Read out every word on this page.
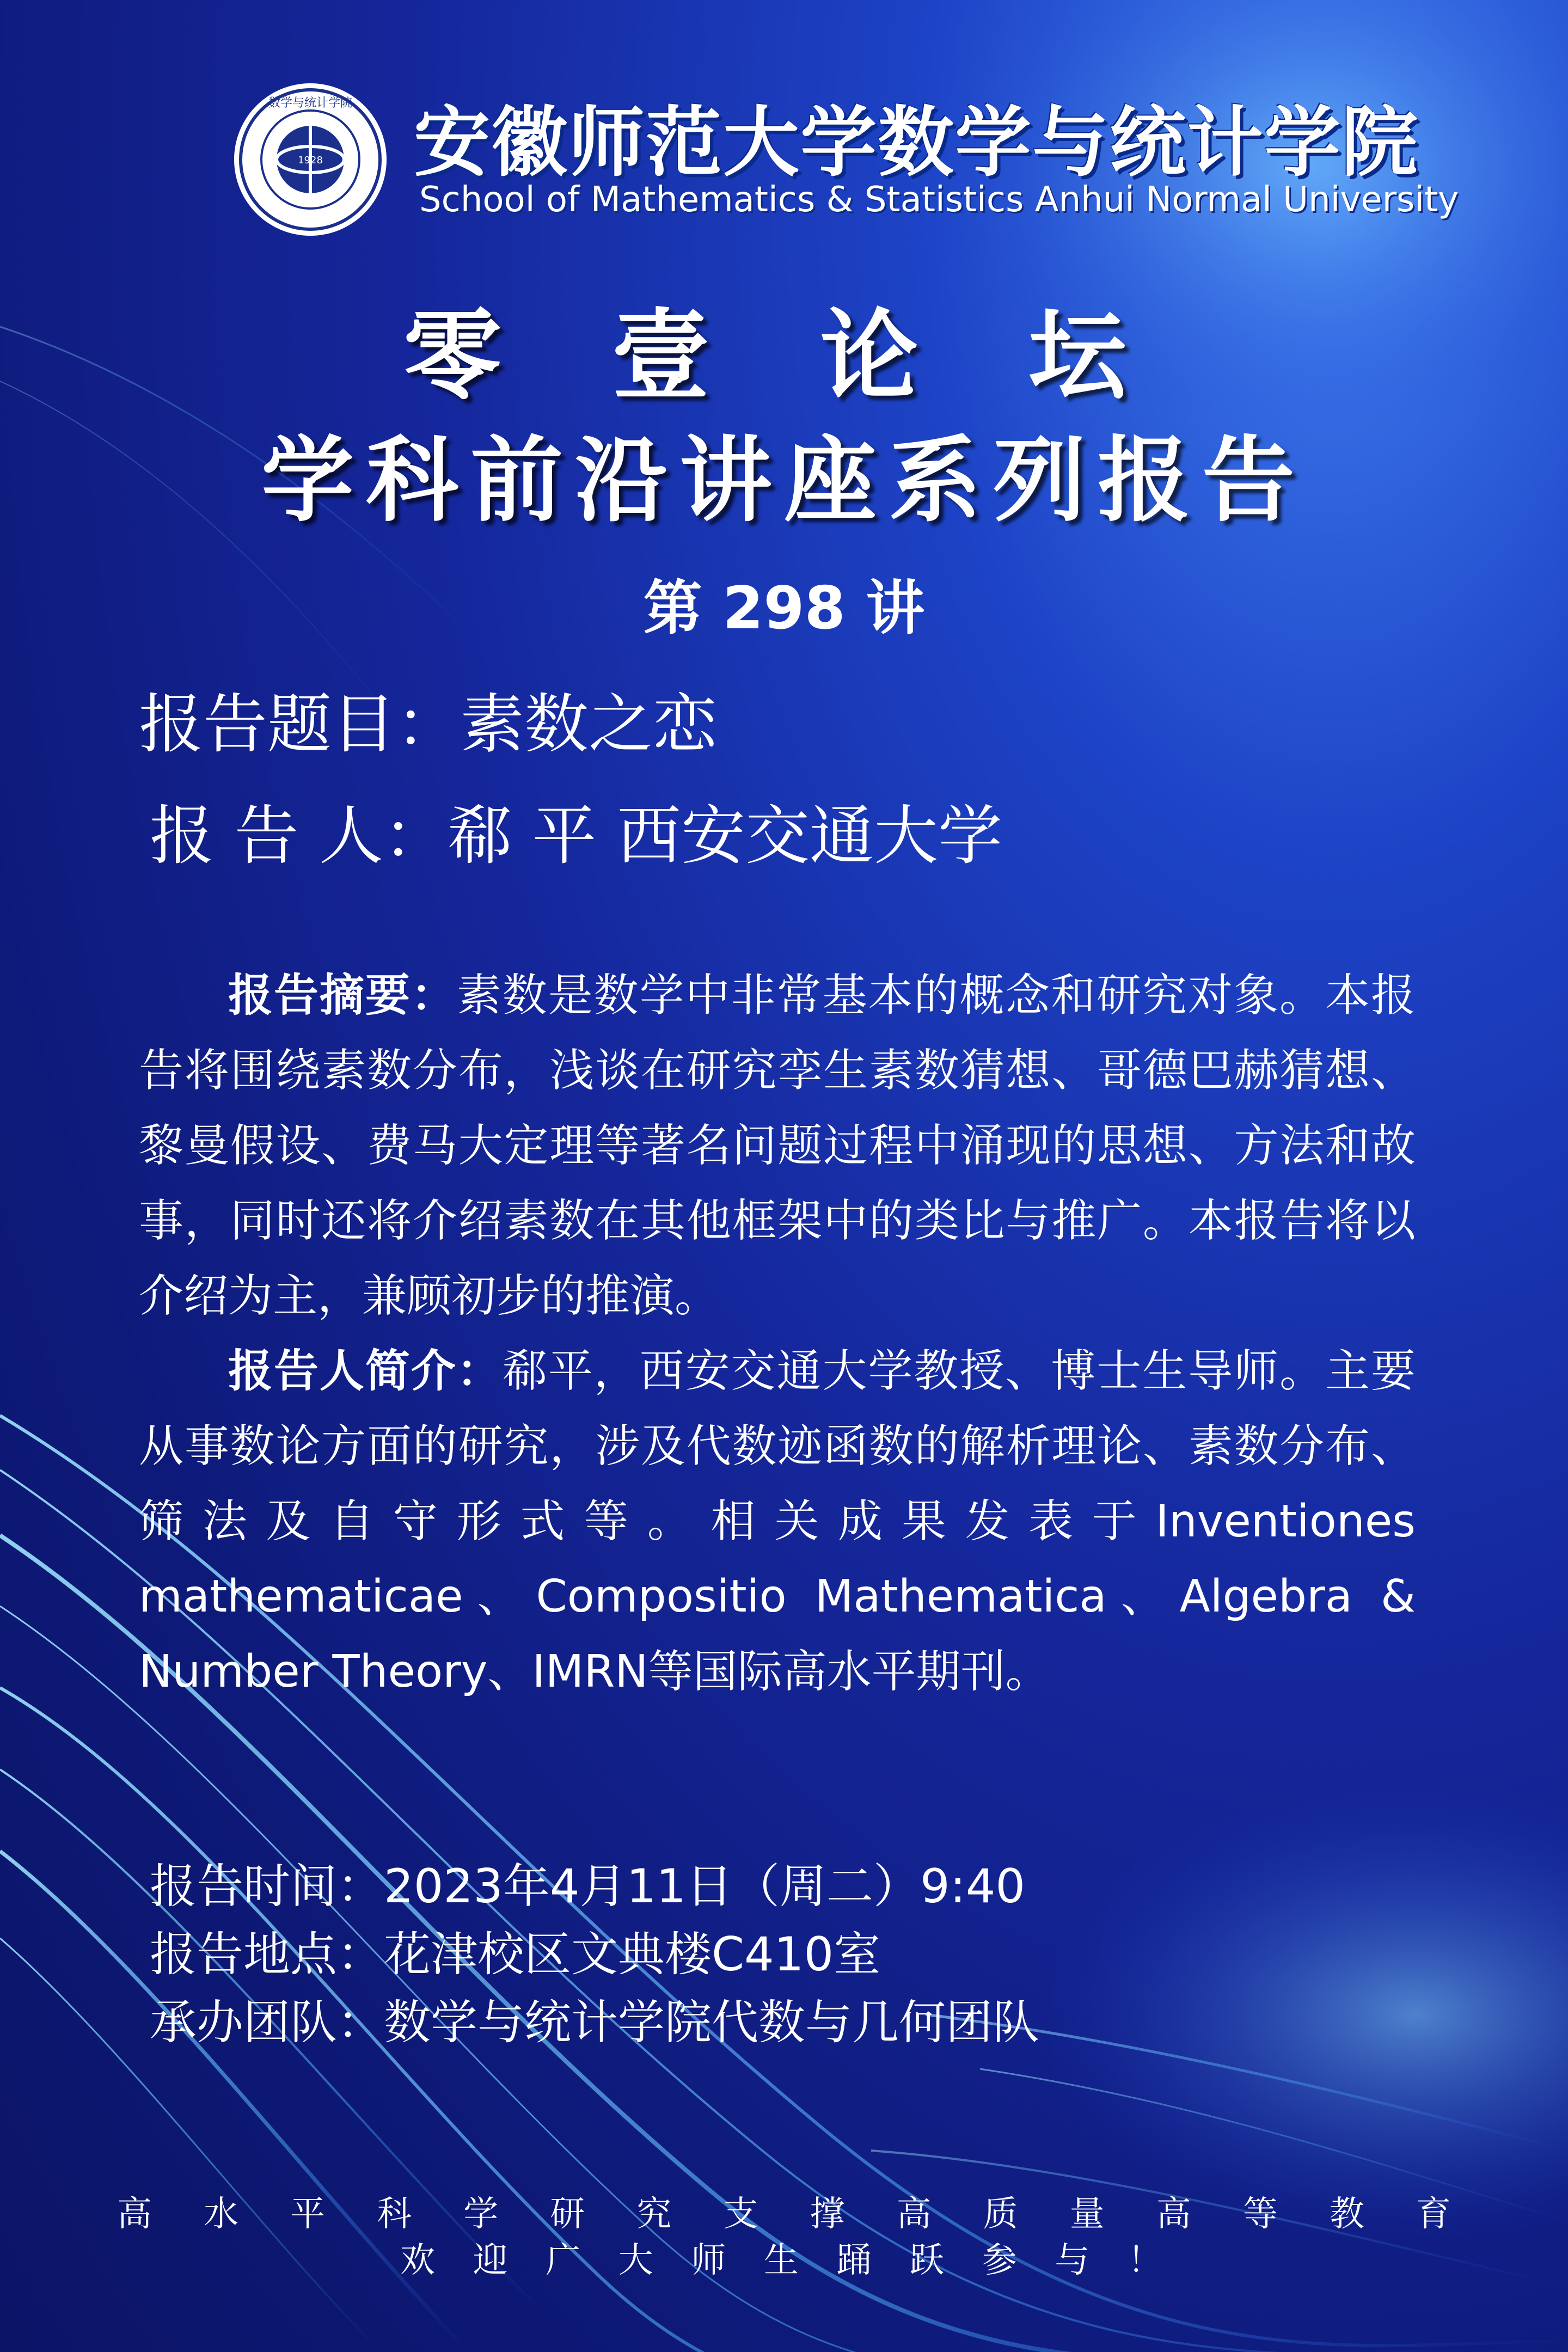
1928
数学与统计学院 安徽师范大学数学与统计学院
School of Mathematics & Statistics Anhui Normal University
零 壹 论 坛
学科前沿讲座系列报告
第 298 讲
报告题目：素数之恋
报 告 人：郗 平 西安交通大学
报告摘要：素数是数学中非常基本的概念和研究对象。本报告将围绕素数分布，浅谈在研究孪生素数猜想、哥德巴赫猜想、黎曼假设、费马大定理等著名问题过程中涌现的思想、方法和故事，同时还将介绍素数在其他框架中的类比与推广。本报告将以介绍为主，兼顾初步的推演。
报告人简介：郗平，西安交通大学教授、博士生导师。主要从事数论方面的研究，涉及代数迹函数的解析理论、素数分布、筛法及自守形式等。相关成果发表于Inventiones mathematicae、Compositio Mathematica、Algebra & Number Theory、IMRN等国际高水平期刊。
报告时间：2023年4月11日（周二）9:40
报告地点：花津校区文典楼C410室
承办团队：数学与统计学院代数与几何团队
高 水 平 科 学 研 究 支 撑 高 质 量 高 等 教 育
欢 迎 广 大 师 生 踊 跃 参 与 ！
